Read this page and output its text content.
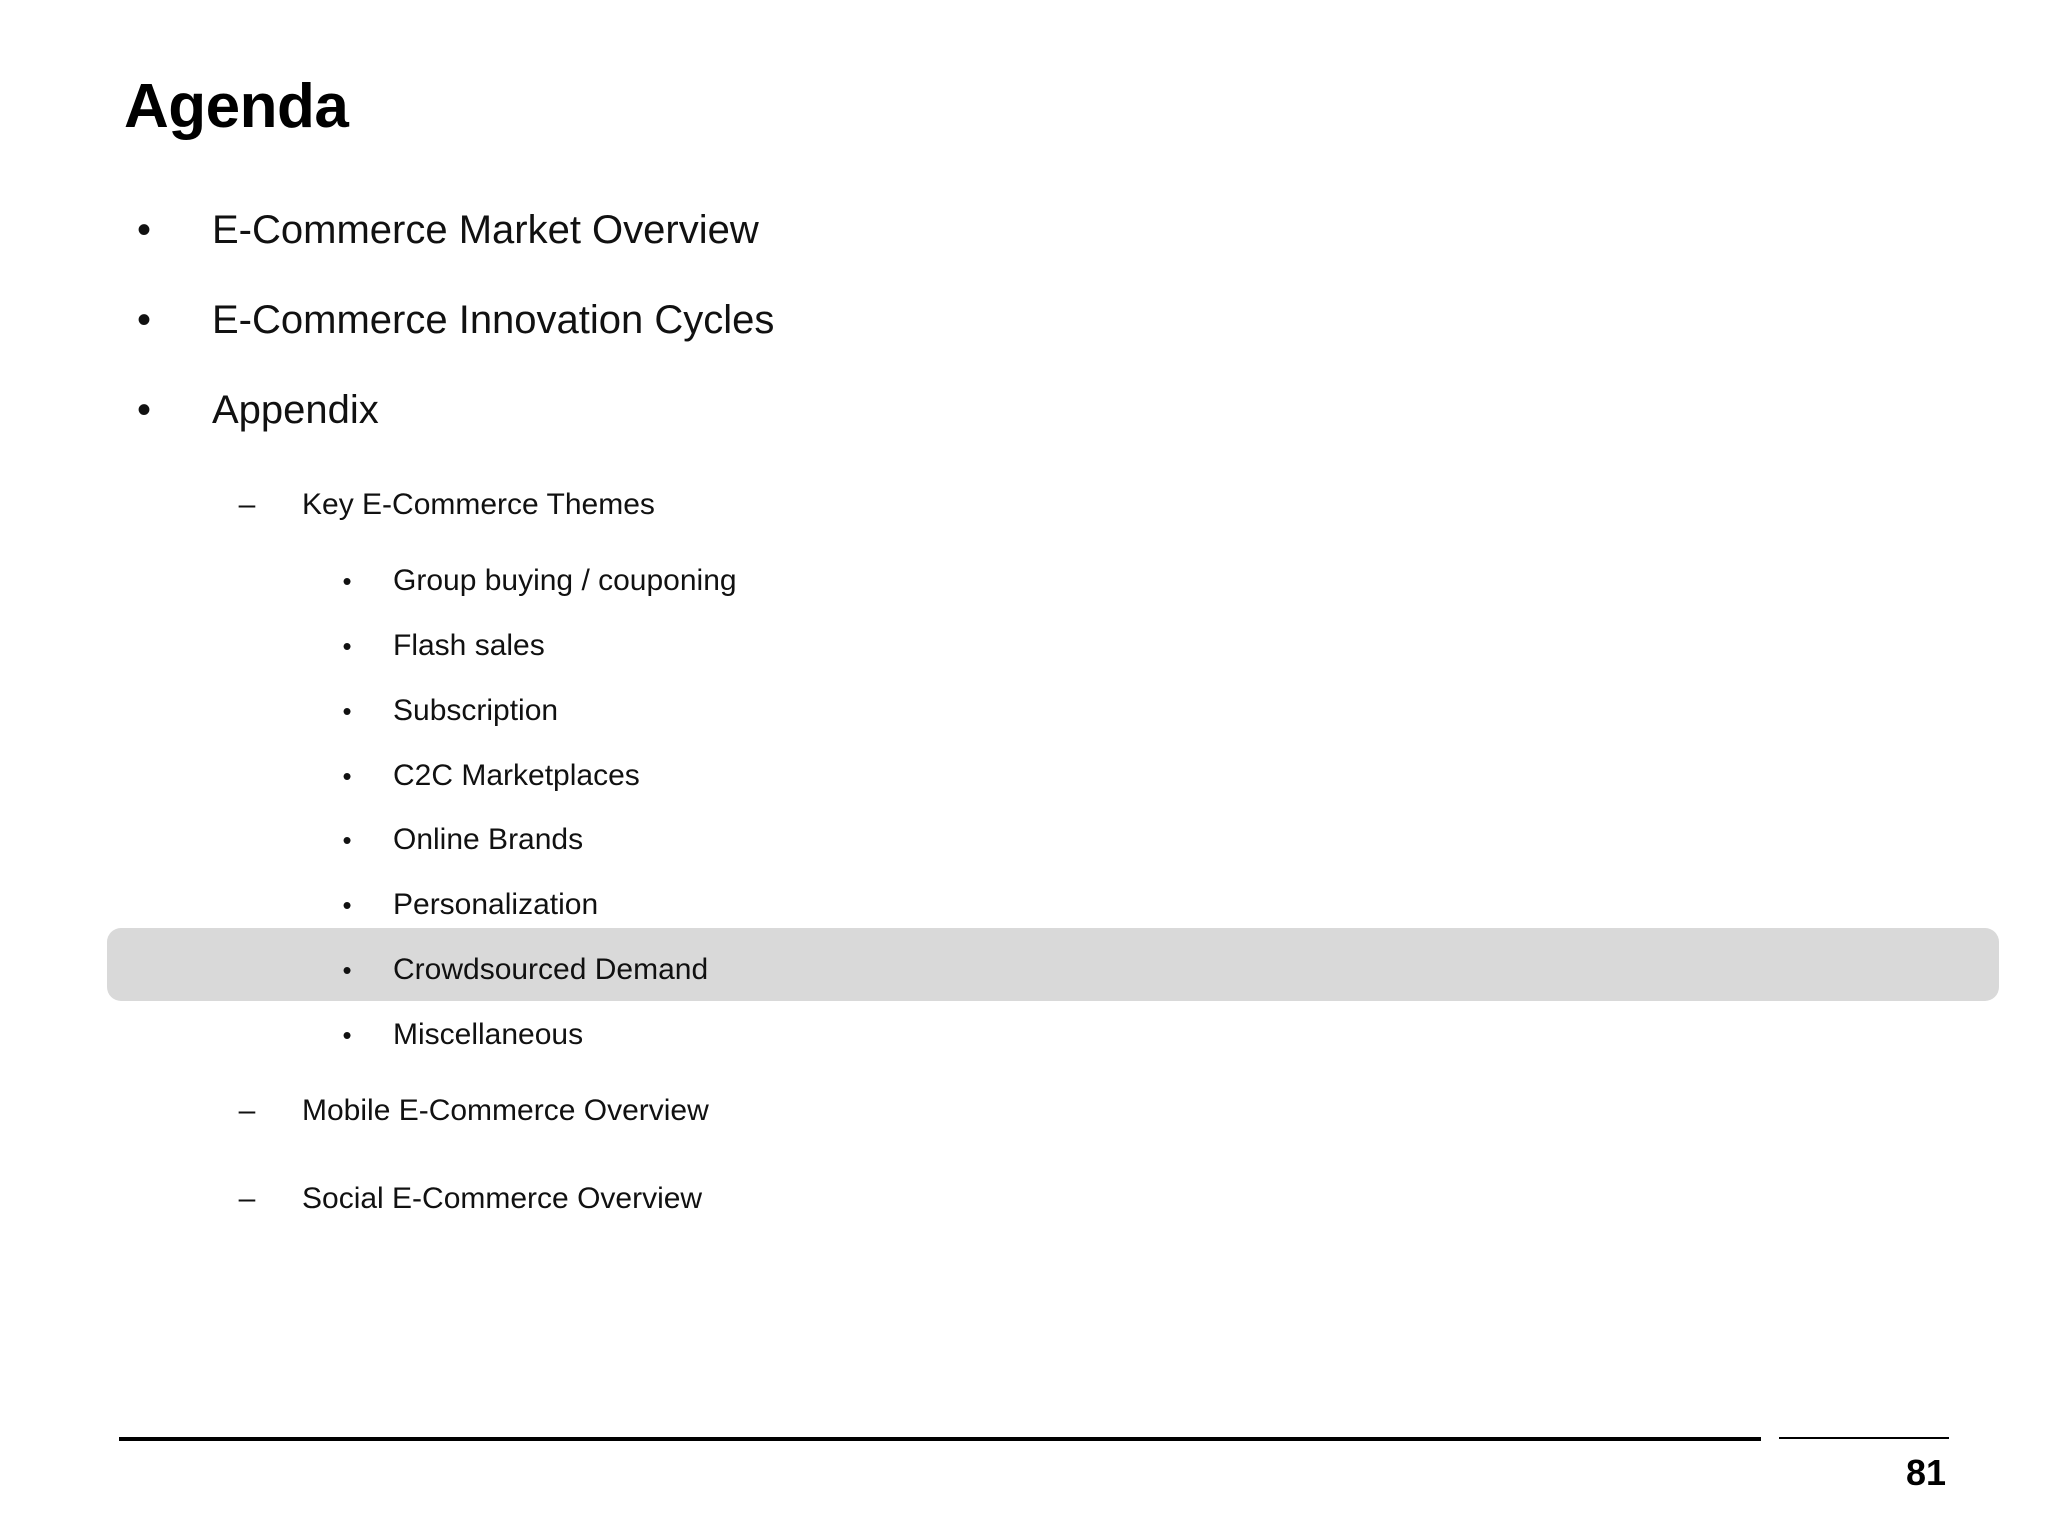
Agenda
•	E-Commerce Market Overview
•	E-Commerce Innovation Cycles
•	Appendix
– Key E-Commerce Themes
•	Group buying / couponing
•	Flash sales
•	Subscription
•	C2C Marketplaces
•	Online Brands
•	Personalization
•	Crowdsourced Demand
•	Miscellaneous
– Mobile E-Commerce Overview
– Social E-Commerce Overview
81
